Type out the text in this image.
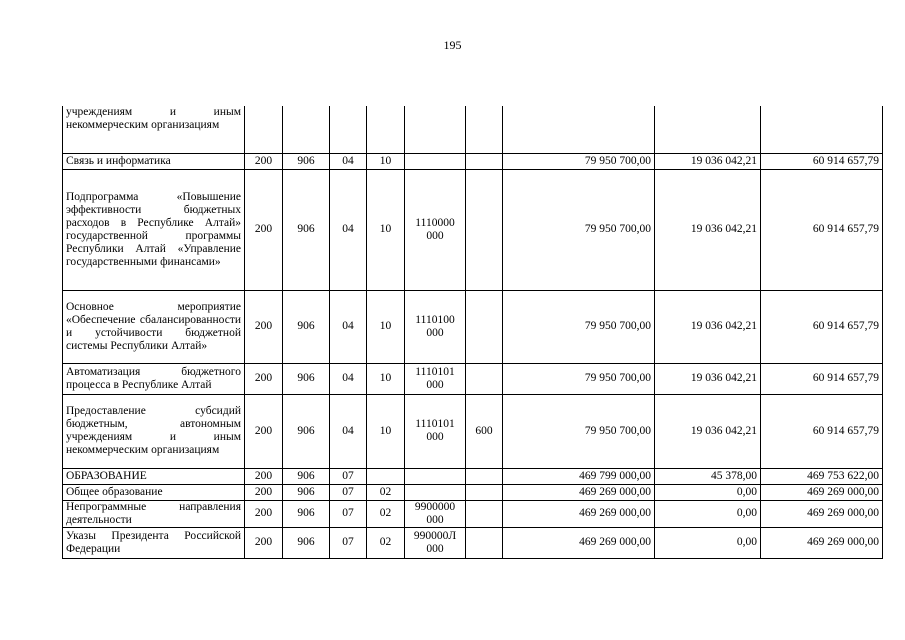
195
учреждениям и иным некоммерческим организациям									
Связь и информатика	200	906	04	10			79 950 700,00	19 036 042,21	60 914 657,79
Подпрограмма «Повышение эффективности бюджетных расходов в Республике Алтай» государственной программы Республики Алтай «Управление государственными финансами»	200	906	04	10	1110000 000		79 950 700,00	19 036 042,21	60 914 657,79
Основное мероприятие «Обеспечение сбалансированности и устойчивости бюджетной системы Республики Алтай»	200	906	04	10	1110100 000		79 950 700,00	19 036 042,21	60 914 657,79
Автоматизация бюджетного процесса в Республике Алтай	200	906	04	10	1110101 000		79 950 700,00	19 036 042,21	60 914 657,79
Предоставление субсидий бюджетным, автономным учреждениям и иным некоммерческим организациям	200	906	04	10	1110101 000	600	79 950 700,00	19 036 042,21	60 914 657,79
ОБРАЗОВАНИЕ	200	906	07				469 799 000,00	45 378,00	469 753 622,00
Общее образование	200	906	07	02			469 269 000,00	0,00	469 269 000,00
Непрограммные направления деятельности	200	906	07	02	9900000 000		469 269 000,00	0,00	469 269 000,00
Указы Президента Российской Федерации	200	906	07	02	990000Л 000		469 269 000,00	0,00	469 269 000,00
